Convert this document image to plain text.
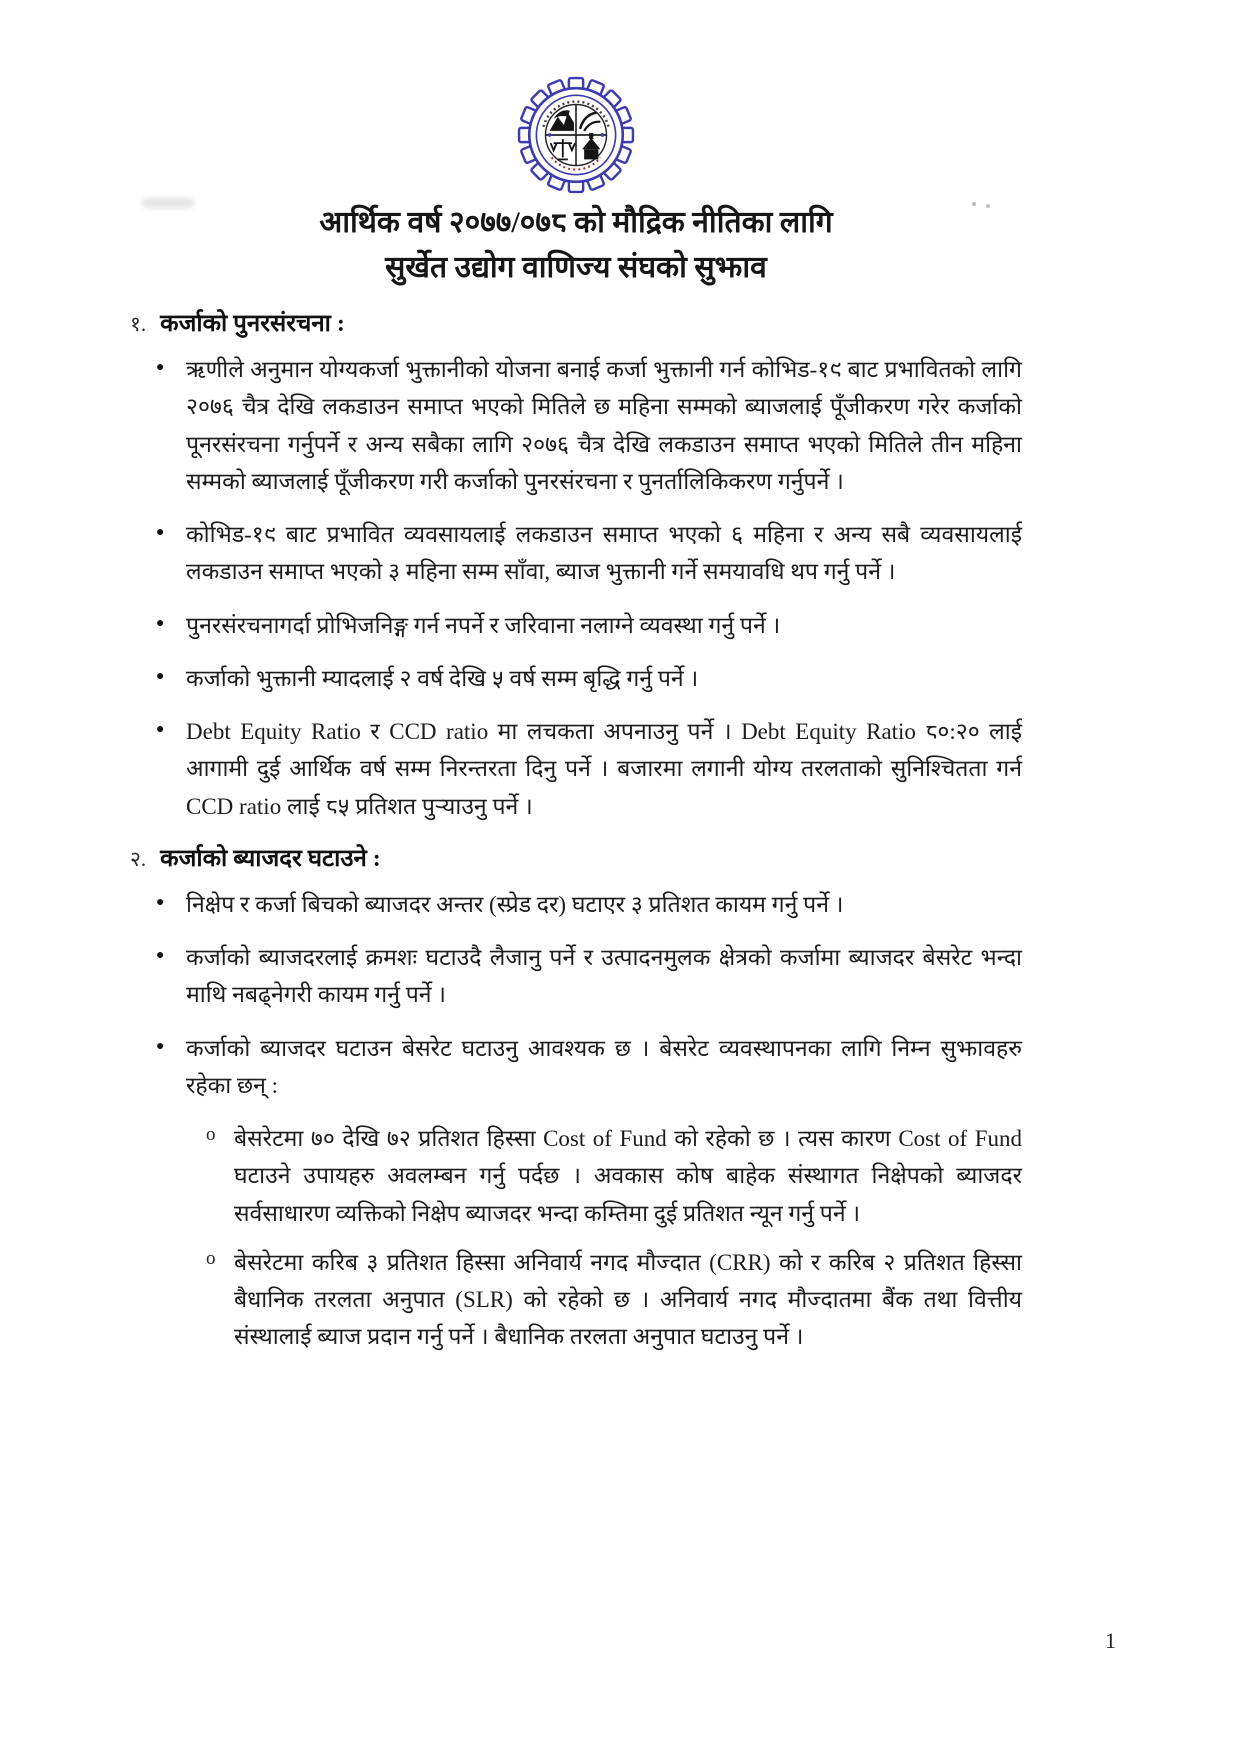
आर्थिक वर्ष २०७७/०७८ को मौद्रिक नीतिका लागि
सुर्खेत उद्योग वाणिज्य संघको सुझाव
१. कर्जाको पुनरसंरचना :
● ऋणीले अनुमान योग्यकर्जा भुक्तानीको योजना बनाई कर्जा भुक्तानी गर्न कोभिड-१९ बाट प्रभावितको लागि २०७६ चैत्र देखि लकडाउन समाप्त भएको मितिले छ महिना सम्मको ब्याजलाई पूँजीकरण गरेर कर्जाको पूनरसंरचना गर्नुपर्ने र अन्य सबैका लागि २०७६ चैत्र देखि लकडाउन समाप्त भएको मितिले तीन महिना सम्मको ब्याजलाई पूँजीकरण गरी कर्जाको पुनरसंरचना र पुनर्तालिकिकरण गर्नुपर्ने ।
● कोभिड-१९ बाट प्रभावित व्यवसायलाई लकडाउन समाप्त भएको ६ महिना र अन्य सबै व्यवसायलाई लकडाउन समाप्त भएको ३ महिना सम्म साँवा, ब्याज भुक्तानी गर्ने समयावधि थप गर्नु पर्ने ।
● पुनरसंरचनागर्दा प्रोभिजनिङ्ग गर्न नपर्ने र जरिवाना नलाग्ने व्यवस्था गर्नु पर्ने ।
● कर्जाको भुक्तानी म्यादलाई २ वर्ष देखि ५ वर्ष सम्म बृद्धि गर्नु पर्ने ।
● Debt Equity Ratio र CCD ratio मा लचकता अपनाउनु पर्ने । Debt Equity Ratio ८०:२० लाई आगामी दुई आर्थिक वर्ष सम्म निरन्तरता दिनु पर्ने । बजारमा लगानी योग्य तरलताको सुनिश्चितता गर्न CCD ratio लाई ८५ प्रतिशत पुऱ्याउनु पर्ने ।
२. कर्जाको ब्याजदर घटाउने :
● निक्षेप र कर्जा बिचको ब्याजदर अन्तर (स्प्रेड दर) घटाएर ३ प्रतिशत कायम गर्नु पर्ने ।
● कर्जाको ब्याजदरलाई क्रमशः घटाउदै लैजानु पर्ने र उत्पादनमुलक क्षेत्रको कर्जामा ब्याजदर बेसरेट भन्दा माथि नबढ्नेगरी कायम गर्नु पर्ने ।
● कर्जाको ब्याजदर घटाउन बेसरेट घटाउनु आवश्यक छ । बेसरेट व्यवस्थापनका लागि निम्न सुझावहरु रहेका छन् :
o बेसरेटमा ७० देखि ७२ प्रतिशत हिस्सा Cost of Fund को रहेको छ । त्यस कारण Cost of Fund घटाउने उपायहरु अवलम्बन गर्नु पर्दछ । अवकास कोष बाहेक संस्थागत निक्षेपको ब्याजदर सर्वसाधारण व्यक्तिको निक्षेप ब्याजदर भन्दा कम्तिमा दुई प्रतिशत न्यून गर्नु पर्ने ।
o बेसरेटमा करिब ३ प्रतिशत हिस्सा अनिवार्य नगद मौज्दात (CRR) को र करिब २ प्रतिशत हिस्सा बैधानिक तरलता अनुपात (SLR) को रहेको छ । अनिवार्य नगद मौज्दातमा बैंक तथा वित्तीय संस्थालाई ब्याज प्रदान गर्नु पर्ने । बैधानिक तरलता अनुपात घटाउनु पर्ने ।
1
